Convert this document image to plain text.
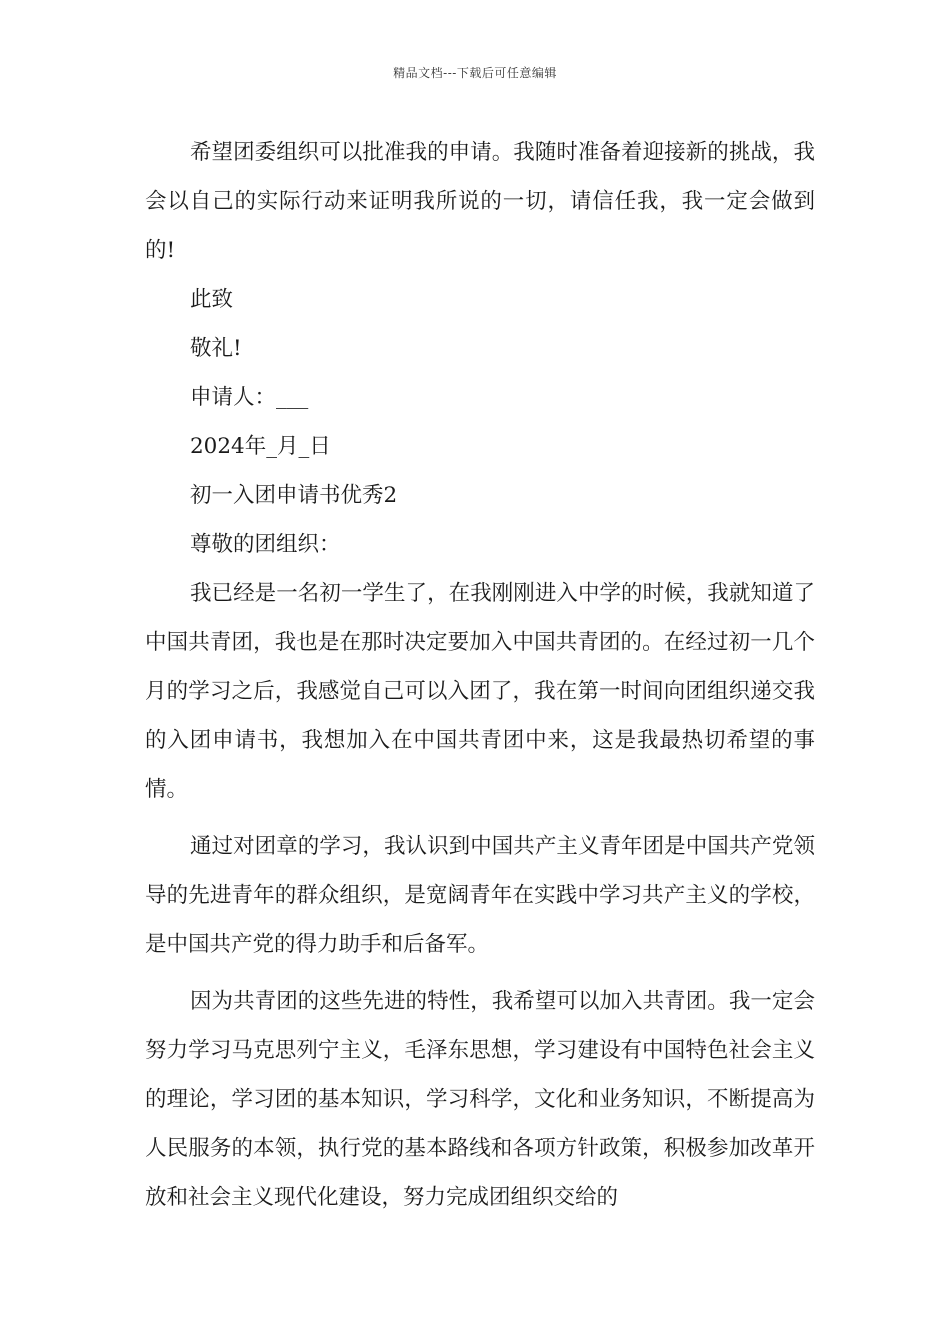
精品文档---下载后可任意编辑

希望团委组织可以批准我的申请。我随时准备着迎接新的挑战，我会以自己的实际行动来证明我所说的一切，请信任我，我一定会做到的!

此致

敬礼!

申请人：___

2024年_月_日

初一入团申请书优秀2

尊敬的团组织：

我已经是一名初一学生了，在我刚刚进入中学的时候，我就知道了中国共青团，我也是在那时决定要加入中国共青团的。在经过初一几个月的学习之后，我感觉自己可以入团了，我在第一时间向团组织递交我的入团申请书，我想加入在中国共青团中来，这是我最热切希望的事情。

通过对团章的学习，我认识到中国共产主义青年团是中国共产党领导的先进青年的群众组织，是宽阔青年在实践中学习共产主义的学校，是中国共产党的得力助手和后备军。

因为共青团的这些先进的特性，我希望可以加入共青团。我一定会努力学习马克思列宁主义，毛泽东思想，学习建设有中国特色社会主义的理论，学习团的基本知识，学习科学，文化和业务知识，不断提高为人民服务的本领，执行党的基本路线和各项方针政策，积极参加改革开放和社会主义现代化建设，努力完成团组织交给的
